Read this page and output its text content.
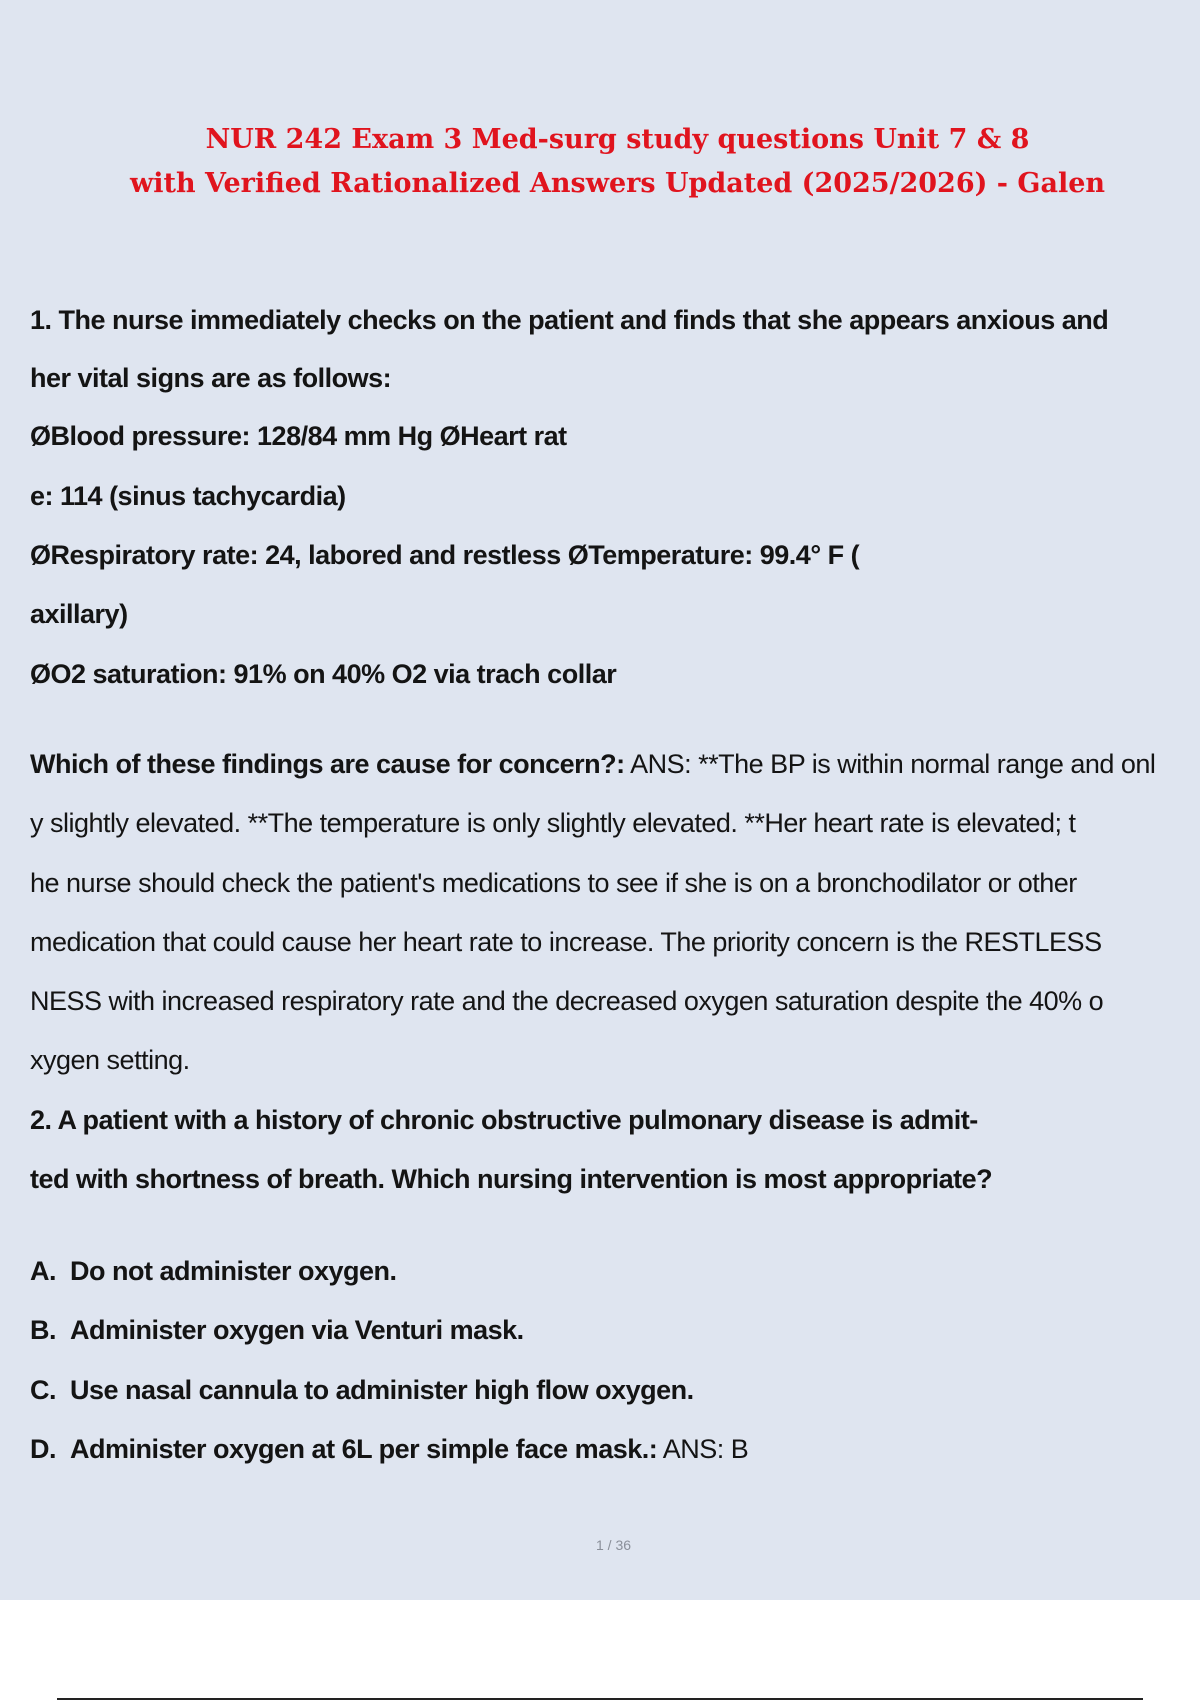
NUR 242 Exam 3 Med-surg study questions Unit 7 & 8
with Verified Rationalized Answers Updated (2025/2026) - Galen
1. The nurse immediately checks on the patient and finds that she appears anxious and
her vital signs are as follows:
ØBlood pressure: 128/84 mm Hg ØHeart rat
e: 114 (sinus tachycardia)
ØRespiratory rate: 24, labored and restless ØTemperature: 99.4° F (
axillary)
ØO2 saturation: 91% on 40% O2 via trach collar
Which of these findings are cause for concern?: ANS: **The BP is within normal range and onl
y slightly elevated. **The temperature is only slightly elevated. **Her heart rate is elevated; t
he nurse should check the patient's medications to see if she is on a bronchodilator or other
medication that could cause her heart rate to increase. The priority concern is the RESTLESS
NESS with increased respiratory rate and the decreased oxygen saturation despite the 40% o
xygen setting.
2. A patient with a history of chronic obstructive pulmonary disease is admit-
ted with shortness of breath. Which nursing intervention is most appropriate?
A. Do not administer oxygen.
B. Administer oxygen via Venturi mask.
C. Use nasal cannula to administer high flow oxygen.
D. Administer oxygen at 6L per simple face mask.: ANS: B
1 / 36
